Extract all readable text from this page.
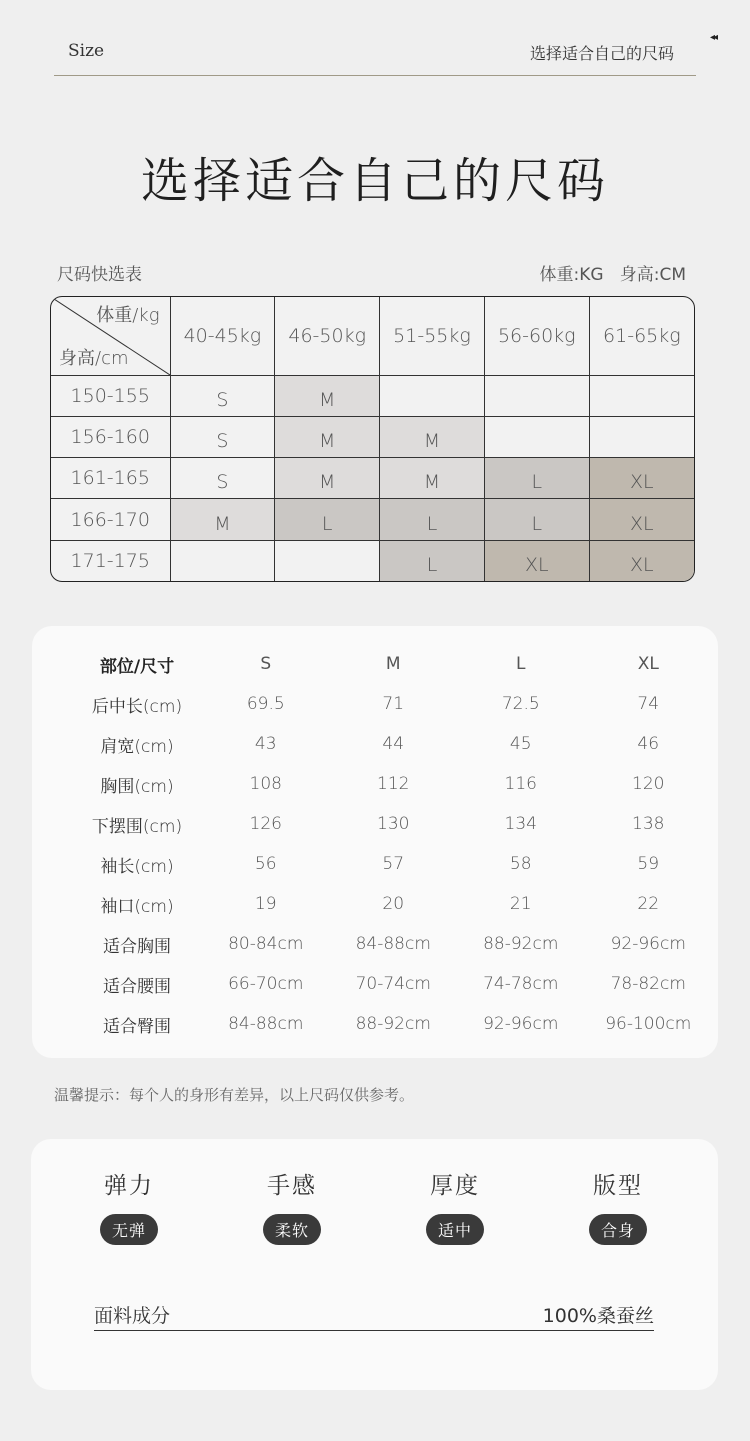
Size	选择适合自己的尺码
◂◂
选择适合自己的尺码
尺码快选表	体重:KG   身高:CM
体重/kg
身高/cm	40-45kg	46-50kg	51-55kg	56-60kg	61-65kg
150-155	S	M			
156-160	S	M	M		
161-165	S	M	M	L	XL
166-170	M	L	L	L	XL
171-175			L	XL	XL
部位/尺寸	S	M	L	XL
后中长(cm)	69.5	71	72.5	74
肩宽(cm)	43	44	45	46
胸围(cm)	108	112	116	120
下摆围(cm)	126	130	134	138
袖长(cm)	56	57	58	59
袖口(cm)	19	20	21	22
适合胸围	80-84cm	84-88cm	88-92cm	92-96cm
适合腰围	66-70cm	70-74cm	74-78cm	78-82cm
适合臀围	84-88cm	88-92cm	92-96cm	96-100cm
温馨提示：每个人的身形有差异，以上尺码仅供参考。
弹力
无弹
手感
柔软
厚度
适中
版型
合身
面料成分	100%桑蚕丝
